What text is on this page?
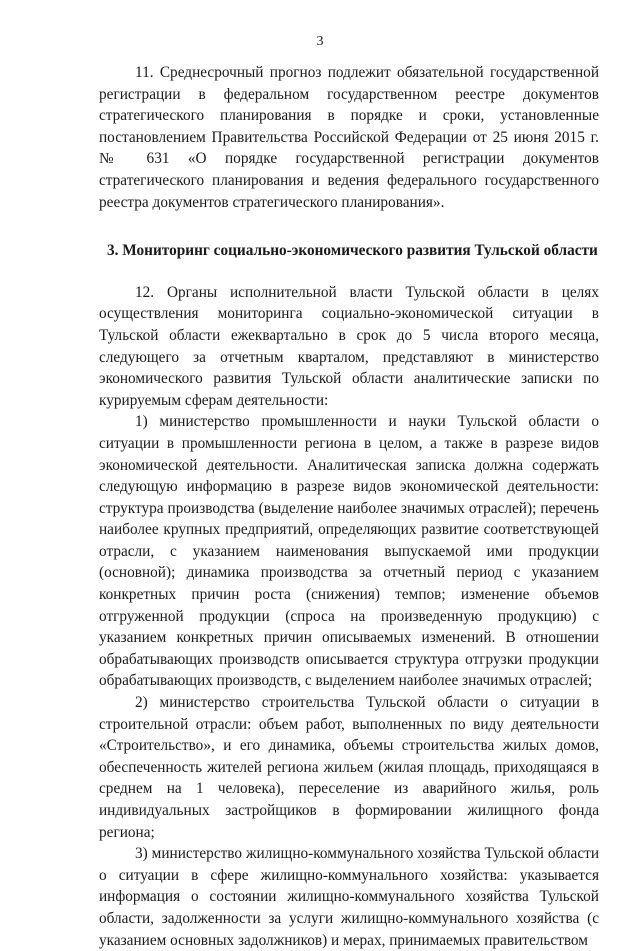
3

11. Среднесрочный прогноз подлежит обязательной государственной регистрации в федеральном государственном реестре документов стратегического планирования в порядке и сроки, установленные постановлением Правительства Российской Федерации от 25 июня 2015 г. № 631 «О порядке государственной регистрации документов стратегического планирования и ведения федерального государственного реестра документов стратегического планирования».

3. Мониторинг социально-экономического развития Тульской области

12. Органы исполнительной власти Тульской области в целях осуществления мониторинга социально-экономической ситуации в Тульской области ежеквартально в срок до 5 числа второго месяца, следующего за отчетным кварталом, представляют в министерство экономического развития Тульской области аналитические записки по курируемым сферам деятельности:

1) министерство промышленности и науки Тульской области о ситуации в промышленности региона в целом, а также в разрезе видов экономической деятельности. Аналитическая записка должна содержать следующую информацию в разрезе видов экономической деятельности: структура производства (выделение наиболее значимых отраслей); перечень наиболее крупных предприятий, определяющих развитие соответствующей отрасли, с указанием наименования выпускаемой ими продукции (основной); динамика производства за отчетный период с указанием конкретных причин роста (снижения) темпов; изменение объемов отгруженной продукции (спроса на произведенную продукцию) с указанием конкретных причин описываемых изменений. В отношении обрабатывающих производств описывается структура отгрузки продукции обрабатывающих производств, с выделением наиболее значимых отраслей;

2) министерство строительства Тульской области о ситуации в строительной отрасли: объем работ, выполненных по виду деятельности «Строительство», и его динамика, объемы строительства жилых домов, обеспеченность жителей региона жильем (жилая площадь, приходящаяся в среднем на 1 человека), переселение из аварийного жилья, роль индивидуальных застройщиков в формировании жилищного фонда региона;

3) министерство жилищно-коммунального хозяйства Тульской области о ситуации в сфере жилищно-коммунального хозяйства: указывается информация о состоянии жилищно-коммунального хозяйства Тульской области, задолженности за услуги жилищно-коммунального хозяйства (с указанием основных задолжников) и мерах, принимаемых правительством
